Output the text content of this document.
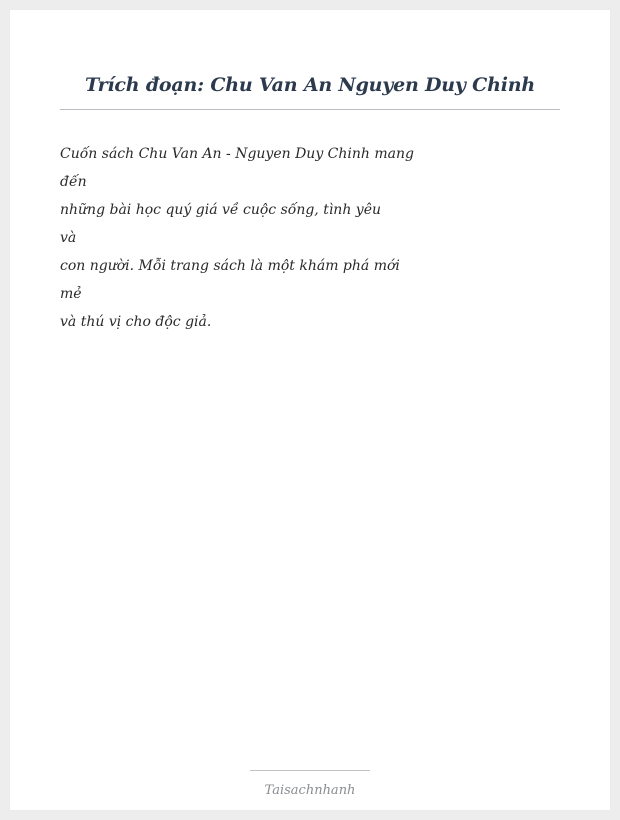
Trích đoạn: Chu Van An Nguyen Duy Chinh
Cuốn sách Chu Van An - Nguyen Duy Chinh mang
đến
những bài học quý giá về cuộc sống, tình yêu
và
con người. Mỗi trang sách là một khám phá mới
mẻ
và thú vị cho độc giả.

Taisachnhanh
